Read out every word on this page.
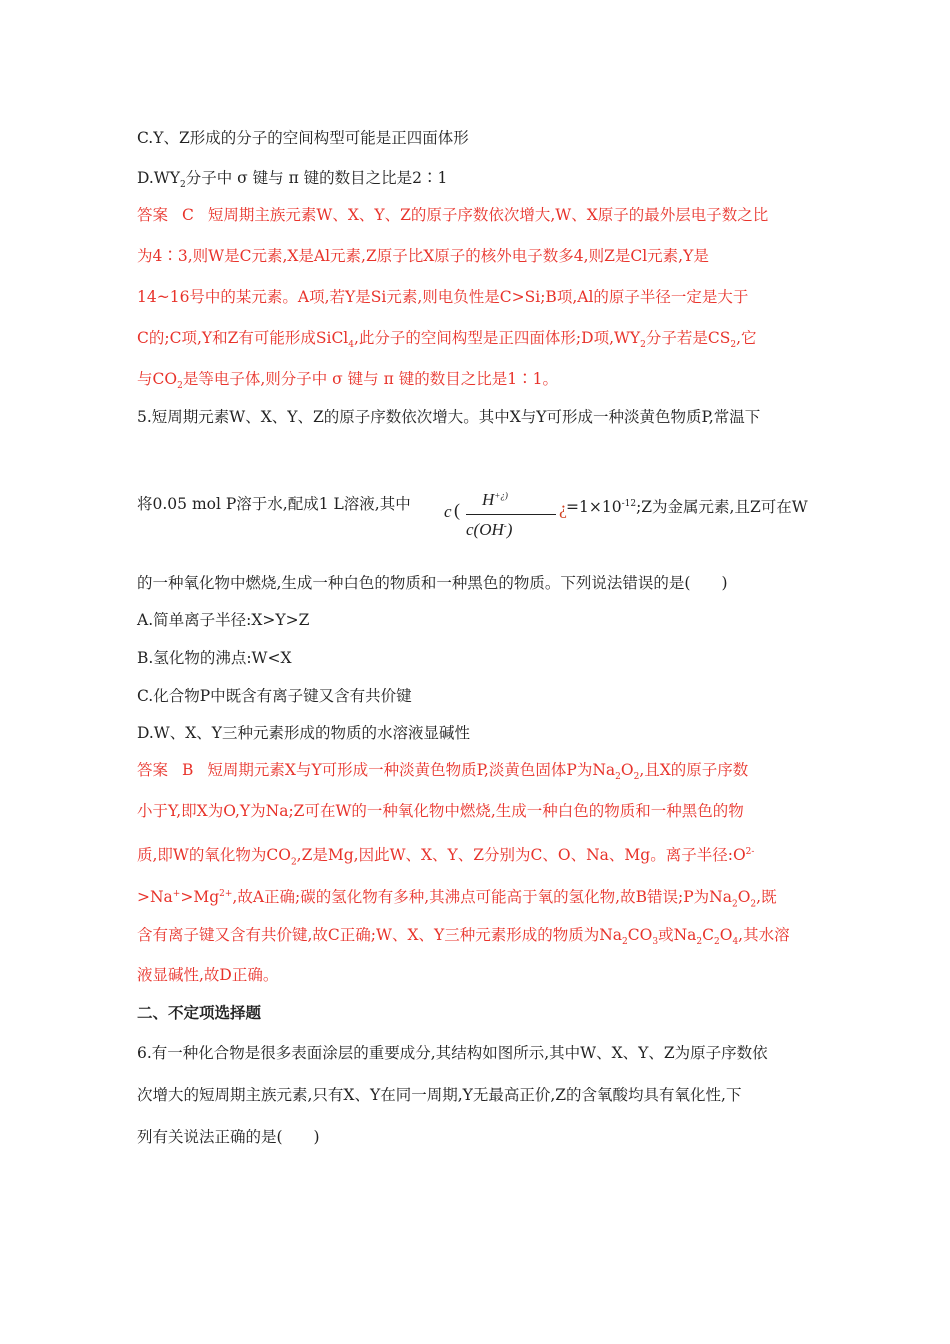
C.Y、Z形成的分子的空间构型可能是正四面体形
$D.WY_2$分子中 σ 键与 π 键的数目之比是2∶1
答案 C 短周期主族元素W、X、Y、Z的原子序数依次增大,W、X原子的最外层电子数之比
为4∶3,则W是C元素,X是Al元素,Z原子比X原子的核外电子数多4,则Z是Cl元素,Y是
14~16号中的某元素。A项,若Y是Si元素,则电负性是C>Si;B项,Al的原子半径一定是大于
C的;C项,Y和Z有可能形成SiCl$_4$,此分子的空间构型是正四面体形;D项$,WY_2$分子若是$CS_2$,它
与$CO_2$是等电子体,则分子中 σ 键与 π 键的数目之比是1∶1。
5.短周期元素W、X、Y、Z的原子序数依次增大。其中X与Y可形成一种淡黄色物质P,常温下
将0.05 mol P溶于水,配成1 L溶液,其中 c (
H+¿)
c(OH-)
¿ $=1\times 10^{-12};Z$为金属元素,且Z可在W
的一种氧化物中燃烧,生成一种白色的物质和一种黑色的物质。下列说法错误的是(　　)
A.简单离子半径:X>Y>Z
B.氢化物的沸点:W<X
C.化合物P中既含有离子键又含有共价键
D.W、X、Y三种元素形成的物质的水溶液显碱性
答案 B 短周期元素X与Y可形成一种淡黄色物质P,淡黄色固体P为$Na_2O_2$,且X的原子序数
小于Y,即X为O,Y为Na;Z可在W的一种氧化物中燃烧,生成一种白色的物质和一种黑色的物
质,即W的氧化物为$CO_2,Z$是Mg,因此W、X、Y、Z分别为C、O、Na、Mg。离子半径$:O^{2-}$
$>Na^+>Mg^{2+}$,故A正确;碳的氢化物有多种,其沸点可能高于氧的氢化物,故B错误;P为$Na_2O_2$,既
含有离子键又含有共价键,故C正确;W、X、Y三种元素形成的物质为$Na_2CO_3$或$Na_2C_2O_4$,其水溶
液显碱性,故D正确。
二、不定项选择题
6.有一种化合物是很多表面涂层的重要成分,其结构如图所示,其中W、X、Y、Z为原子序数依
次增大的短周期主族元素,只有X、Y在同一周期,Y无最高正价,Z的含氧酸均具有氧化性,下
列有关说法正确的是(　　)
